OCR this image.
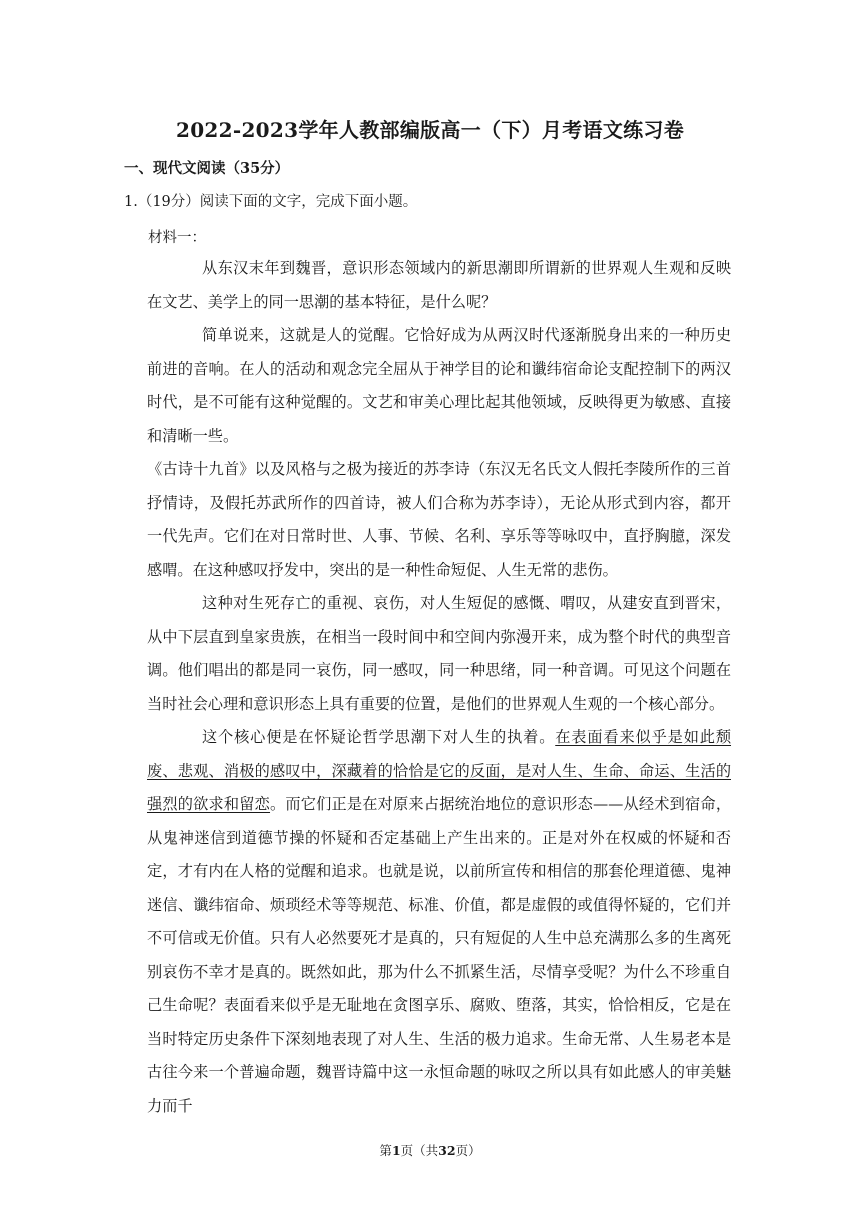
2022-2023学年人教部编版高一（下）月考语文练习卷
一、现代文阅读（35分）
1.（19分）阅读下面的文字，完成下面小题。
材料一：

从东汉末年到魏晋，意识形态领域内的新思潮即所谓新的世界观人生观和反映在文艺、美学上的同一思潮的基本特征，是什么呢？

简单说来，这就是人的觉醒。它恰好成为从两汉时代逐渐脱身出来的一种历史前进的音响。在人的活动和观念完全屈从于神学目的论和谶纬宿命论支配控制下的两汉时代，是不可能有这种觉醒的。文艺和审美心理比起其他领域，反映得更为敏感、直接和清晰一些。

《古诗十九首》以及风格与之极为接近的苏李诗（东汉无名氏文人假托李陵所作的三首抒情诗，及假托苏武所作的四首诗，被人们合称为苏李诗），无论从形式到内容，都开一代先声。它们在对日常时世、人事、节候、名利、享乐等等咏叹中，直抒胸臆，深发感喟。在这种感叹抒发中，突出的是一种性命短促、人生无常的悲伤。

这种对生死存亡的重视、哀伤，对人生短促的感慨、喟叹，从建安直到晋宋，从中下层直到皇家贵族，在相当一段时间中和空间内弥漫开来，成为整个时代的典型音调。他们唱出的都是同一哀伤，同一感叹，同一种思绪，同一种音调。可见这个问题在当时社会心理和意识形态上具有重要的位置，是他们的世界观人生观的一个核心部分。

这个核心便是在怀疑论哲学思潮下对人生的执着。在表面看来似乎是如此颓废、悲观、消极的感叹中，深藏着的恰恰是它的反面，是对人生、生命、命运、生活的强烈的欲求和留恋。而它们正是在对原来占据统治地位的意识形态——从经术到宿命，从鬼神迷信到道德节操的怀疑和否定基础上产生出来的。正是对外在权威的怀疑和否定，才有内在人格的觉醒和追求。也就是说，以前所宣传和相信的那套伦理道德、鬼神迷信、谶纬宿命、烦琐经术等等规范、标准、价值，都是虚假的或值得怀疑的，它们并不可信或无价值。只有人必然要死才是真的，只有短促的人生中总充满那么多的生离死别哀伤不幸才是真的。既然如此，那为什么不抓紧生活，尽情享受呢？为什么不珍重自己生命呢？表面看来似乎是无耻地在贪图享乐、腐败、堕落，其实，恰恰相反，它是在当时特定历史条件下深刻地表现了对人生、生活的极力追求。生命无常、人生易老本是古往今来一个普遍命题，魏晋诗篇中这一永恒命题的咏叹之所以具有如此感人的审美魅力而千

第1页（共32页）
